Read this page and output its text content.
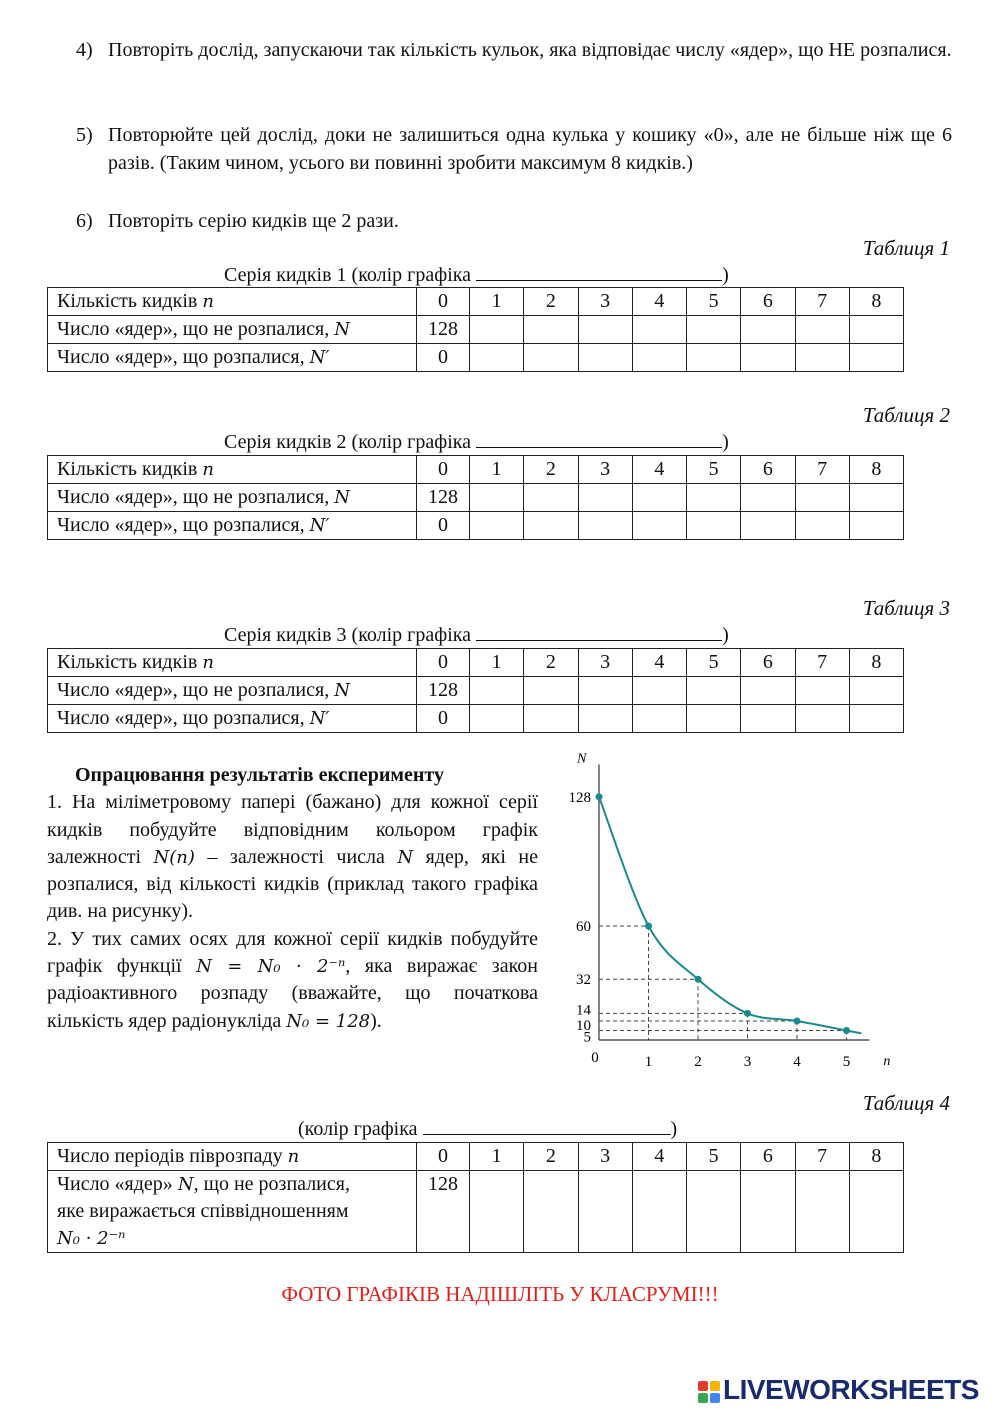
4) Повторіть дослід, запускаючи так кількість кульок, яка відповідає числу «ядер», що НЕ розпалися.
5) Повторюйте цей дослід, доки не залишиться одна кулька у кошику «0», але не більше ніж ще 6 разів. (Таким чином, усього ви повинні зробити максимум 8 кидків.)
6) Повторіть серію кидків ще 2 рази.
Таблиця 1
Серія кидків 1 (колір графіка	)
Кількість кидків n	0	1	2	3	4	5	6	7	8
Число «ядер», що не розпалися, N	128								
Число «ядер», що розпалися, N′	0								
Таблиця 2
Серія кидків 2 (колір графіка	)
Кількість кидків n	0	1	2	3	4	5	6	7	8
Число «ядер», що не розпалися, N	128								
Число «ядер», що розпалися, N′	0								
Таблиця 3
Серія кидків 3 (колір графіка	)
Кількість кидків n	0	1	2	3	4	5	6	7	8
Число «ядер», що не розпалися, N	128								
Число «ядер», що розпалися, N′	0								
Опрацювання результатів експерименту
1. На міліметровому папері (бажано) для кожної серії кидків побудуйте відповідним кольором графік залежності N(n) – залежності числа N ядер, які не розпалися, від кількості кидків (приклад такого графіка див. на рисунку).
2. У тих самих осях для кожної серії кидків побудуйте графік функції N = N₀ · 2⁻ⁿ, яка виражає закон радіоактивного розпаду (вважайте, що початкова кількість ядер радіонукліда N₀ = 128).
N
n
128
60
32
14
10
5
0	1	2	3	4	5
Таблиця 4
(колір графіка	)
Число періодів піврозпаду n	0	1	2	3	4	5	6	7	8

Число «ядер» N, що не розпалися,
яке виражається співвідношенням
N₀ · 2⁻ⁿ	128								
ФОТО ГРАФІКІВ НАДІШЛІТЬ У КЛАСРУМІ!!!
LIVEWORKSHEETS
